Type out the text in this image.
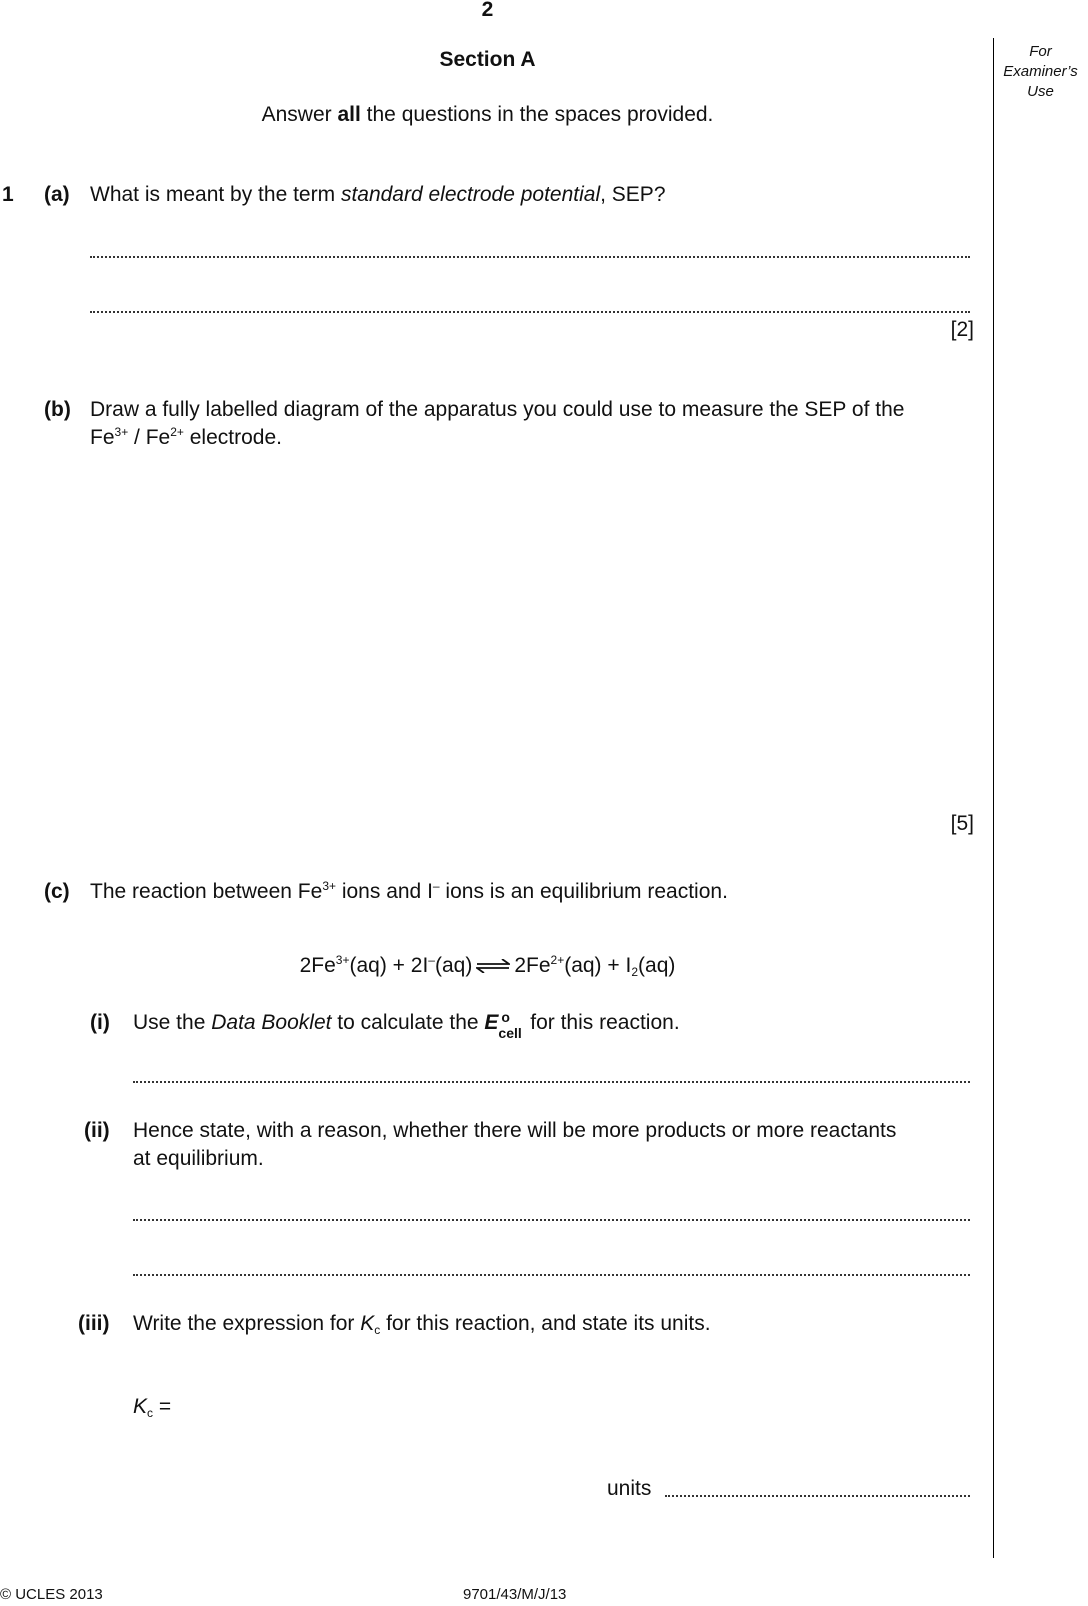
2
Section A
Answer all the questions in the spaces provided.
For
Examiner’s
Use
1 (a) What is meant by the term standard electrode potential, SEP?
[2]
(b) Draw a fully labelled diagram of the apparatus you could use to measure the SEP of the
$Fe^{3+} / Fe^{2+}$ electrode.
[5]
(c) The reaction between $Fe^{3+}$ ions and I– ions is an equilibrium reaction.
$2Fe^{3+}(aq) + 2I^-(aq)$ ⇌ $2Fe^{2+}(aq) + I_2(aq)$
(i) Use the Data Booklet to calculate the E o
cell for this reaction.
(ii) Hence state, with a reason, whether there will be more products or more reactants
at equilibrium.
(iii) Write the expression for $K_c$ for this reaction, and state its units.
$K_c$ =
units
© UCLES 2013	9701/43/M/J/13
